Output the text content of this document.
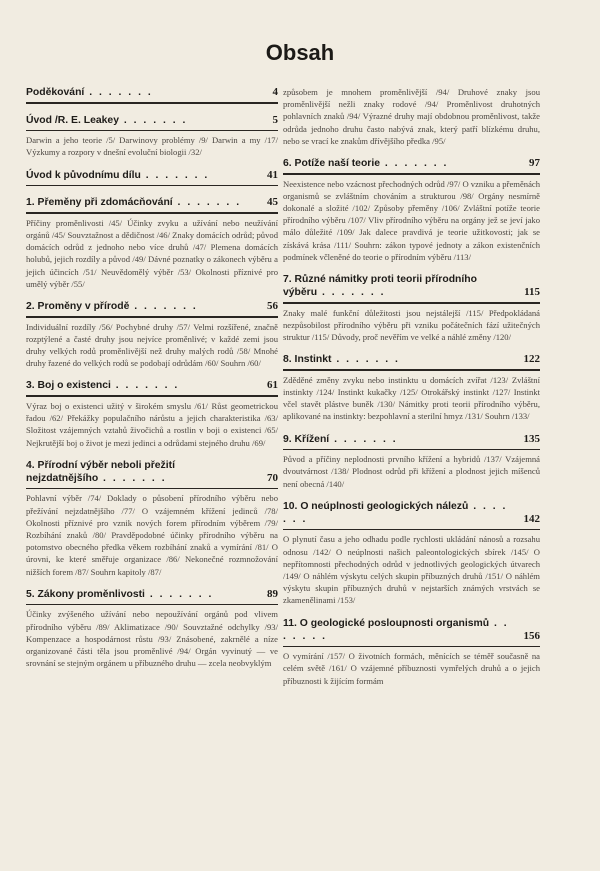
Obsah
Poděkování . . . . . . .	4
Úvod /R. E. Leakey . . . . . . .	5
Darwin a jeho teorie /5/ Darwinovy problémy /9/ Darwin a my /17/ Výzkumy a rozpory v dnešní evoluční biologii /32/
Úvod k původnímu dílu . . . . . . .	41
1. Přeměny při zdomácňování . . . . . . . 45
Příčiny proměnlivosti /45/ Účinky zvyku a užívání nebo neužívání orgánů /45/ Souvztažnost a dědičnost /46/ Znaky domácích odrůd; původ domácích odrůd z jednoho nebo více druhů /47/ Plemena domácích holubů, jejich rozdíly a původ /49/ Dávné poznatky o zákonech výběru a jejich účincích /51/ Neuvědomělý výběr /53/ Okolnosti příznivé pro umělý výběr /55/
2. Proměny v přírodě . . . . . . .	56
Individuální rozdíly /56/ Pochybné druhy /57/ Velmi rozšířené, značně rozptýlené a časté druhy jsou nejvíce proměnlivé; v každé zemi jsou druhy velkých rodů proměnlivější než druhy malých rodů /58/ Mnohé druhy řazené do velkých rodů se podobají odrůdám /60/ Souhrn /60/
3. Boj o existenci . . . . . . .	61
Výraz boj o existenci užitý v širokém smyslu /61/ Růst geometrickou řadou /62/ Překážky populačního nárůstu a jejich charakteristika /63/ Složitost vzájemných vztahů živočichů a rostlin v boji o existenci /65/ Nejkrutější boj o život je mezi jedinci a odrůdami stejného druhu /69/
4. Přírodní výběr neboli přežití nejzdatnějšího . . . . . . .	70
Pohlavní výběr /74/ Doklady o působení přírodního výběru nebo přežívání nejzdatnějšího /77/ O vzájemném křížení jedinců /78/ Okolnosti příznivé pro vznik nových forem přírodním výběrem /79/ Rozbíhání znaků /80/ Pravděpodobné účinky přírodního výběru na potomstvo obecného předka věkem rozbíhání znaků a vymírání /81/ O úrovni, ke které směřuje organizace /86/ Nekonečné rozmnožování nižších forem /87/ Souhrn kapitoly /87/
5. Zákony proměnlivosti . . . . . . .	89
Účinky zvýšeného užívání nebo nepoužívání orgánů pod vlivem přírodního výběru /89/ Aklimatizace /90/ Souvztažné odchylky /93/ Kompenzace a hospodárnost růstu /93/ Znásobené, zakrnělé a níze organizované části těla jsou proměnlivé /94/ Orgán vyvinutý — ve srovnání se stejným orgánem u příbuzného druhu — zcela neobvyklým
způsobem je mnohem proměnlivější /94/ Druhové znaky jsou proměnlivější nežli znaky rodové /94/ Proměnlivost druhotných pohlavních znaků /94/ Výrazné druhy mají obdobnou proměnlivost, takže odrůda jednoho druhu často nabývá znak, který patří blízkému druhu, nebo se vrací ke znakům dřívějšího předka /95/
6. Potíže naší teorie . . . . . . .	97
Neexistence nebo vzácnost přechodných odrůd /97/ O vzniku a přeměnách organismů se zvláštním chováním a strukturou /98/ Orgány nesmírně dokonalé a složité /102/ Způsoby přeměny /106/ Zvláštní potíže teorie přírodního výběru /107/ Vliv přírodního výběru na orgány jež se jeví jako málo důležité /109/ Jak dalece pravdivá je teorie užitkovosti; jak se získává krása /111/ Souhrn: zákon typové jednoty a zákon existenčních podmínek včleněné do teorie o přírodním výběru /113/
7. Různé námitky proti teorii přírodního výběru . . . . . . .	115
Znaky malé funkční důležitosti jsou nejstálejší /115/ Předpokládaná nezpůsobilost přírodního výběru při vzniku počátečních fází užitečných struktur /115/ Důvody, proč nevěřím ve velké a náhlé změny /120/
8. Instinkt . . . . . . .	122
Zděděné změny zvyku nebo instinktu u domácích zvířat /123/ Zvláštní instinkty /124/ Instinkt kukačky /125/ Otrokářský instinkt /127/ Instinkt včel stavět plástve buněk /130/ Námitky proti teorii přírodního výběru, aplikované na instinkty: bezpohlavní a sterilní hmyz /131/ Souhrn /133/
9. Křížení . . . . . . .	135
Původ a příčiny neplodnosti prvního křížení a hybridů /137/ Vzájemná dvoutvárnost /138/ Plodnost odrůd při křížení a plodnost jejich míšenců není obecná /140/
10. O neúplnosti geologických nálezů . . . . . . .	142
O plynutí času a jeho odhadu podle rychlosti ukládání nánosů a rozsahu odnosu /142/ O neúplnosti našich paleontologických sbírek /145/ O nepřítomnosti přechodných odrůd v jednotlivých geologických útvarech /149/ O náhlém výskytu celých skupin příbuzných druhů /151/ O náhlém výskytu skupin příbuzných druhů v nejstarších známých vrstvách se zkamenělinami /153/
11. O geologické posloupnosti organismů . . . . . . .	156
O vymírání /157/ O životních formách, měnících se téměř současně na celém světě /161/ O vzájemné příbuznosti vymřelých druhů a o jejich příbuznosti k žijícím formám
